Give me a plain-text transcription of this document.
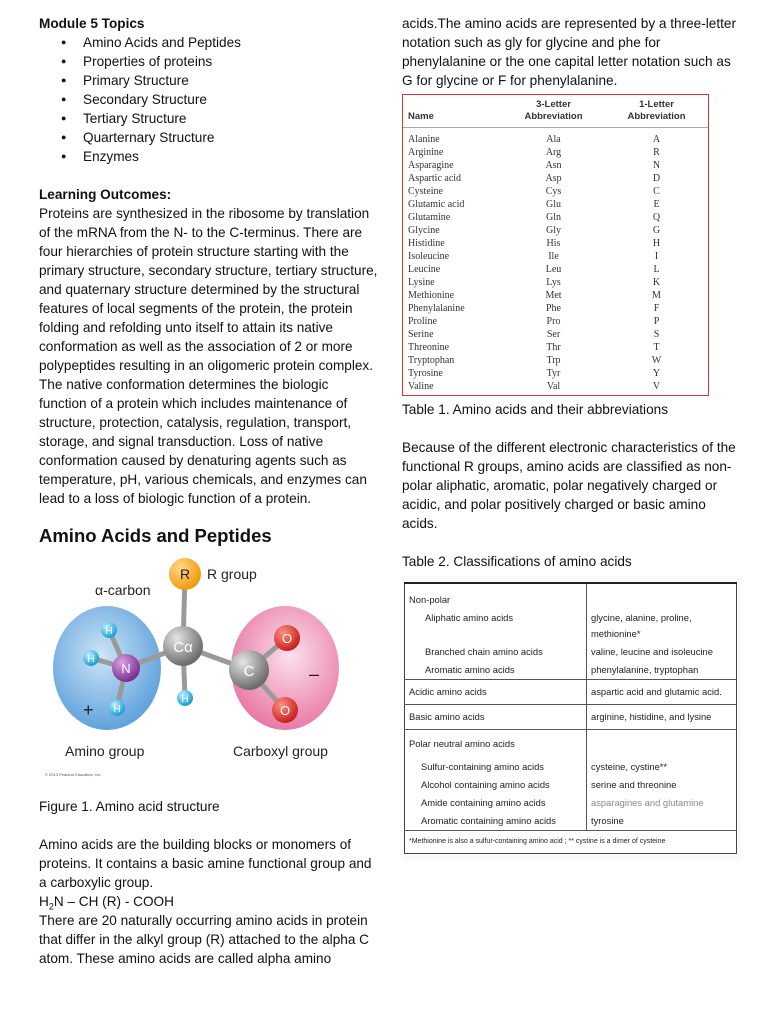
Module 5 Topics
● Amino Acids and Peptides
● Properties of proteins
● Primary Structure
● Secondary Structure
● Tertiary Structure
● Quarternary Structure
● Enzymes
Learning Outcomes:

Proteins are synthesized in the ribosome by translation of the mRNA from the N- to the C-terminus. There are four hierarchies of protein structure starting with the primary structure, secondary structure, tertiary structure, and quaternary structure determined by the structural features of local segments of the protein, the protein folding and refolding unto itself to attain its native conformation as well as the association of 2 or more polypeptides resulting in an oligomeric protein complex. The native conformation determines the biologic function of a protein which includes maintenance of structure, protection, catalysis, regulation, transport, storage, and signal transduction. Loss of native conformation caused by denaturing agents such as temperature, pH, various chemicals, and enzymes can lead to a loss of biologic function of a protein.

Amino Acids and Peptides
R R group
α-carbon
Cα
N	C
O
O
H
H
H
H
+
–
Amino group	Carboxyl group
© 2013 Pearson Education, Inc.

Figure 1. Amino acid structure

Amino acids are the building blocks or monomers of proteins. It contains a basic amine functional group and a carboxylic group.

$H_2N$ – CH (R) - COOH

There are 20 naturally occurring amino acids in protein that differ in the alkyl group (R) attached to the alpha C atom. These amino acids are called alpha amino

acids.The amino acids are represented by a three-letter notation such as gly for glycine and phe for phenylalanine or the one capital letter notation such as G for glycine or F for phenylalanine.

Name	3-Letter Abbreviation	1-Letter Abbreviation
Alanine	Ala	A
Arginine	Arg	R
Asparagine	Asn	N
Aspartic acid	Asp	D
Cysteine	Cys	C
Glutamic acid	Glu	E
Glutamine	Gln	Q
Glycine	Gly	G
Histidine	His	H
Isoleucine	Ile	I
Leucine	Leu	L
Lysine	Lys	K
Methionine	Met	M
Phenylalanine	Phe	F
Proline	Pro	P
Serine	Ser	S
Threonine	Thr	T
Tryptophan	Trp	W
Tyrosine	Tyr	Y
Valine	Val	V

Table 1. Amino acids and their abbreviations

Because of the different electronic characteristics of the functional R groups, amino acids are classified as non-polar aliphatic, aromatic, polar negatively charged or acidic, and polar positively charged or basic amino acids.

Table 2. Classifications of amino acids

Non-polar	
Aliphatic amino acids	glycine, alanine, proline, methionine*
Branched chain amino acids	valine, leucine and isoleucine
Aromatic amino acids	phenylalanine, tryptophan
Acidic amino acids	aspartic acid and glutamic acid.
Basic amino acids	arginine, histidine, and lysine
Polar neutral amino acids	
Sulfur-containing amino acids	cysteine, cystine**
Alcohol containing amino acids	serine and threonine
Amide containing amino acids	asparagines and glutamine
Aromatic containing amino acids	tyrosine
*Methionine is also a sulfur-containing amino acid ; ** cystine is a dimer of cysteine	
